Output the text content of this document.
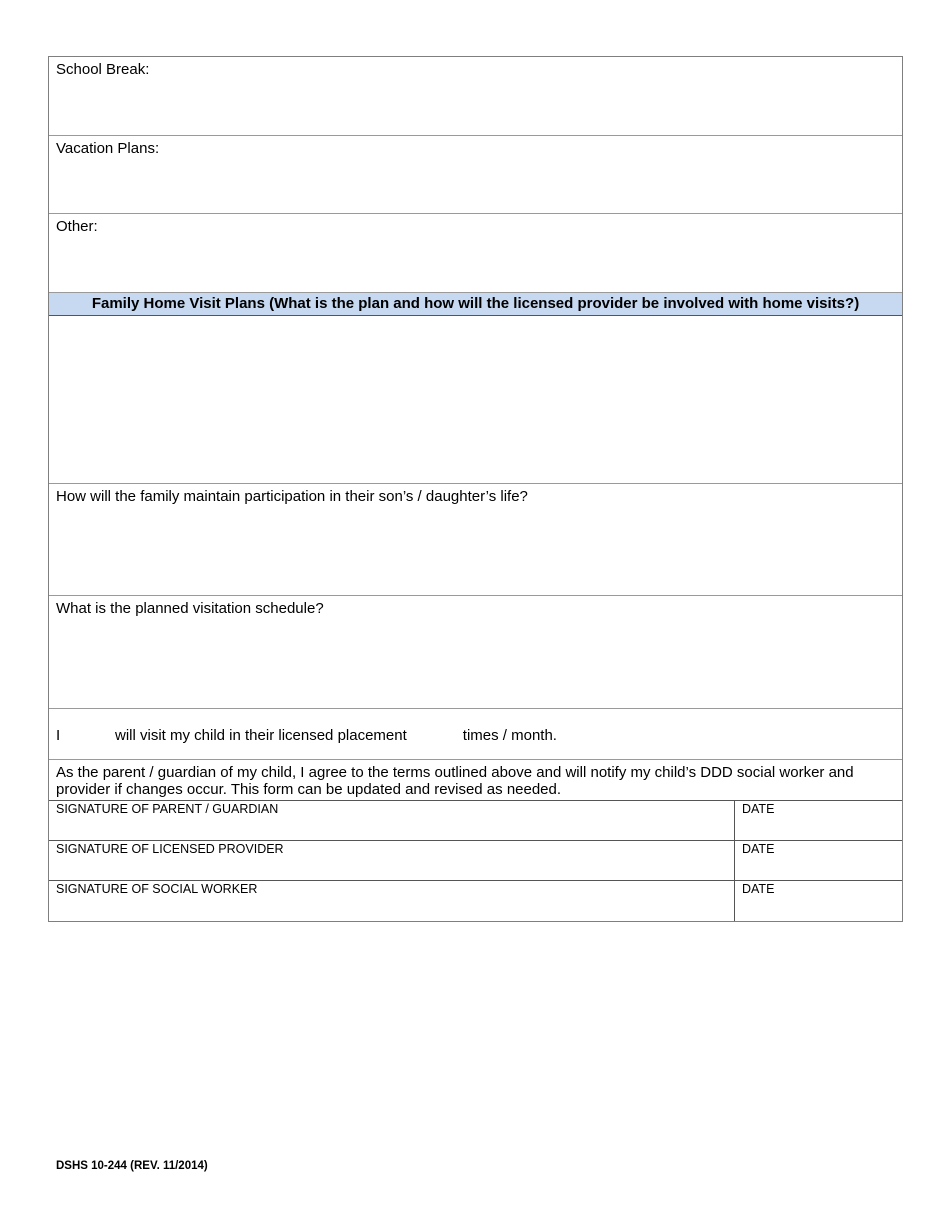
School Break:
Vacation Plans:
Other:
Family Home Visit Plans (What is the plan and how will the licensed provider be involved with home visits?)
How will the family maintain participation in their son’s / daughter’s life?
What is the planned visitation schedule?
I	will visit my child in their licensed placement	times / month.
As the parent / guardian of my child, I agree to the terms outlined above and will notify my child’s DDD social worker and provider if changes occur. This form can be updated and revised as needed.
SIGNATURE OF PARENT / GUARDIAN	DATE
SIGNATURE OF LICENSED PROVIDER	DATE
SIGNATURE OF SOCIAL WORKER	DATE
DSHS 10-244 (REV. 11/2014)
